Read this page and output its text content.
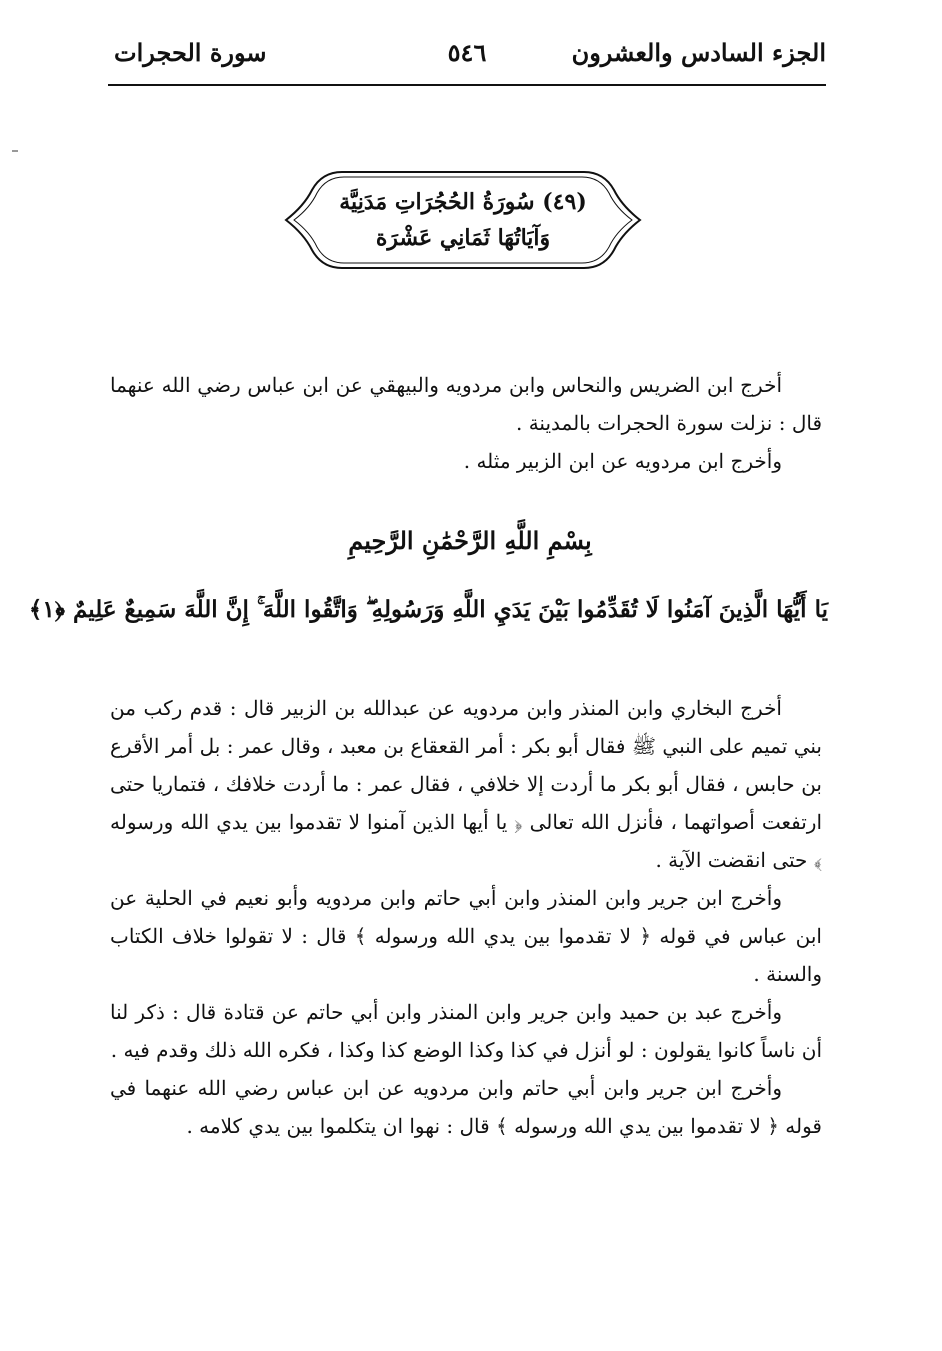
الجزء السادس والعشرون
٥٤٦
سورة الحجرات
(٤٩) سُورَةُ الحُجُرَاتِ مَدَنِيَّة
وَآيَاتُهَا ثَمَانِي عَشْرَة

أخرج ابن الضريس والنحاس وابن مردويه والبيهقي عن ابن عباس رضي الله عنهما قال : نزلت سورة الحجرات بالمدينة .

وأخرج ابن مردويه عن ابن الزبير مثله .

بِسْمِ اللَّهِ الرَّحْمَٰنِ الرَّحِيمِ
يَا أَيُّهَا الَّذِينَ آمَنُوا لَا تُقَدِّمُوا بَيْنَ يَدَيِ اللَّهِ وَرَسُولِهِ ۖ وَاتَّقُوا اللَّهَ ۚ إِنَّ اللَّهَ سَمِيعٌ عَلِيمٌ ﴿١﴾

أخرج البخاري وابن المنذر وابن مردويه عن عبدالله بن الزبير قال : قدم ركب من بني تميم على النبي ﷺ فقال أبو بكر : أمر القعقاع بن معبد ، وقال عمر : بل أمر الأقرع بن حابس ، فقال أبو بكر ما أردت إلا خلافي ، فقال عمر : ما أردت خلافك ، فتماريا حتى ارتفعت أصواتهما ، فأنزل الله تعالى ﴿ يا أيها الذين آمنوا لا تقدموا بين يدي الله ورسوله ﴾ حتى انقضت الآية .

وأخرج ابن جرير وابن المنذر وابن أبي حاتم وابن مردويه وأبو نعيم في الحلية عن ابن عباس في قوله ﴿ لا تقدموا بين يدي الله ورسوله ﴾ قال : لا تقولوا خلاف الكتاب والسنة .

وأخرج عبد بن حميد وابن جرير وابن المنذر وابن أبي حاتم عن قتادة قال : ذكر لنا أن ناساً كانوا يقولون : لو أنزل في كذا وكذا الوضع كذا وكذا ، فكره الله ذلك وقدم فيه .

وأخرج ابن جرير وابن أبي حاتم وابن مردويه عن ابن عباس رضي الله عنهما في قوله ﴿ لا تقدموا بين يدي الله ورسوله ﴾ قال : نهوا ان يتكلموا بين يدي كلامه .
